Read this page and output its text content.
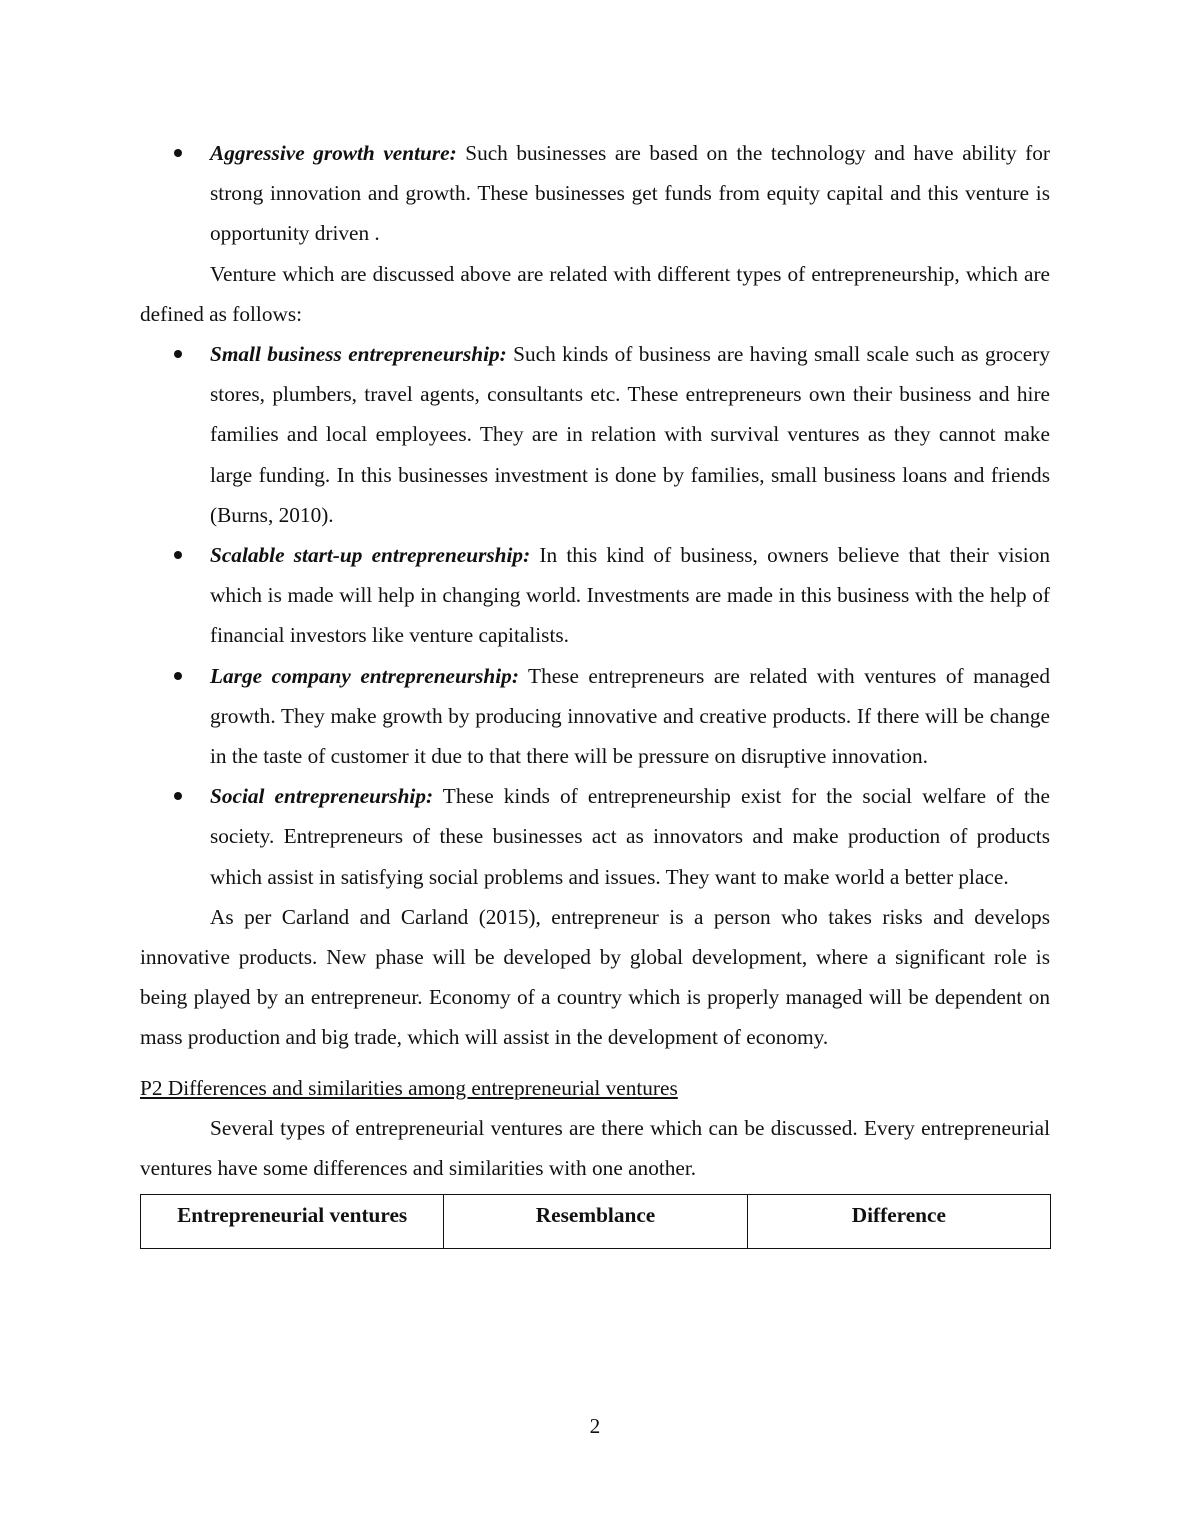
Aggressive growth venture: Such businesses are based on the technology and have ability for strong innovation and growth. These businesses get funds from equity capital and this venture is opportunity driven .
Venture which are discussed above are related with different types of entrepreneurship, which are defined as follows:
Small business entrepreneurship: Such kinds of business are having small scale such as grocery stores, plumbers, travel agents, consultants etc. These entrepreneurs own their business and hire families and local employees. They are in relation with survival ventures as they cannot make large funding. In this businesses investment is done by families, small business loans and friends (Burns, 2010).
Scalable start-up entrepreneurship: In this kind of business, owners believe that their vision which is made will help in changing world. Investments are made in this business with the help of financial investors like venture capitalists.
Large company entrepreneurship: These entrepreneurs are related with ventures of managed growth. They make growth by producing innovative and creative products. If there will be change in the taste of customer it due to that there will be pressure on disruptive innovation.
Social entrepreneurship: These kinds of entrepreneurship exist for the social welfare of the society. Entrepreneurs of these businesses act as innovators and make production of products which assist in satisfying social problems and issues. They want to make world a better place.
As per Carland and Carland (2015), entrepreneur is a person who takes risks and develops innovative products. New phase will be developed by global development, where a significant role is being played by an entrepreneur. Economy of a country which is properly managed will be dependent on mass production and big trade, which will assist in the development of economy.
P2 Differences and similarities among entrepreneurial ventures
Several types of entrepreneurial ventures are there which can be discussed. Every entrepreneurial ventures have some differences and similarities with one another.
Entrepreneurial ventures	Resemblance	Difference
2
